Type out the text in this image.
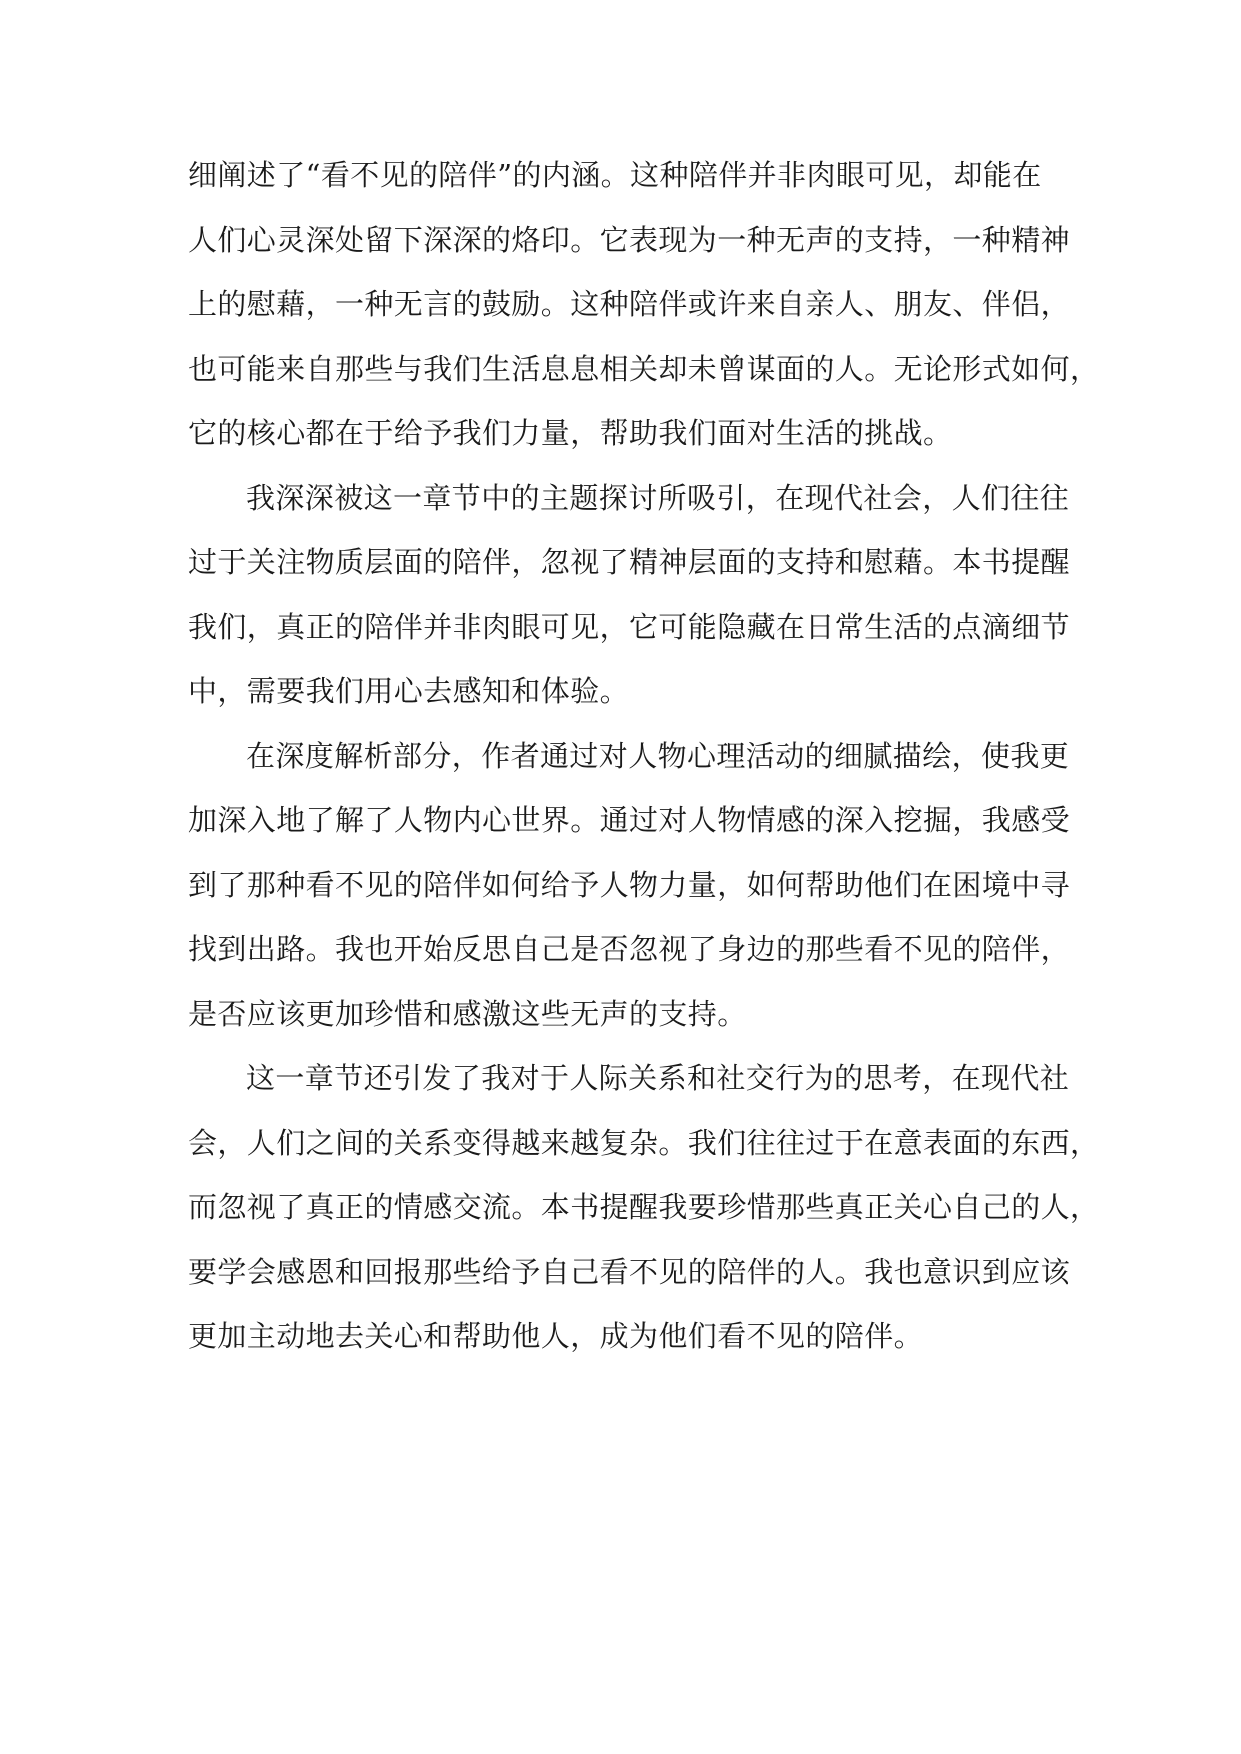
细阐述了“看不见的陪伴”的内涵。这种陪伴并非肉眼可见，却能在
人们心灵深处留下深深的烙印。它表现为一种无声的支持，一种精神
上的慰藉，一种无言的鼓励。这种陪伴或许来自亲人、朋友、伴侣，
也可能来自那些与我们生活息息相关却未曾谋面的人。无论形式如何，
它的核心都在于给予我们力量，帮助我们面对生活的挑战。
我深深被这一章节中的主题探讨所吸引，在现代社会，人们往往
过于关注物质层面的陪伴，忽视了精神层面的支持和慰藉。本书提醒
我们，真正的陪伴并非肉眼可见，它可能隐藏在日常生活的点滴细节
中，需要我们用心去感知和体验。
在深度解析部分，作者通过对人物心理活动的细腻描绘，使我更
加深入地了解了人物内心世界。通过对人物情感的深入挖掘，我感受
到了那种看不见的陪伴如何给予人物力量，如何帮助他们在困境中寻
找到出路。我也开始反思自己是否忽视了身边的那些看不见的陪伴，
是否应该更加珍惜和感激这些无声的支持。
这一章节还引发了我对于人际关系和社交行为的思考，在现代社
会，人们之间的关系变得越来越复杂。我们往往过于在意表面的东西，
而忽视了真正的情感交流。本书提醒我要珍惜那些真正关心自己的人，
要学会感恩和回报那些给予自己看不见的陪伴的人。我也意识到应该
更加主动地去关心和帮助他人，成为他们看不见的陪伴。
